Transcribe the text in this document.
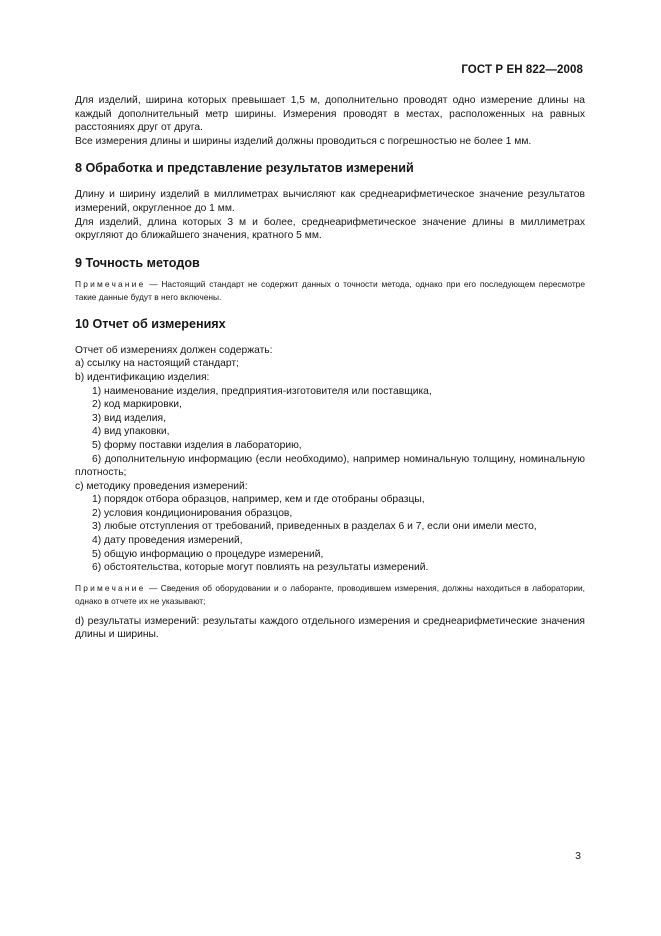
ГОСТ Р ЕН 822—2008

Для изделий, ширина которых превышает 1,5 м, дополнительно проводят одно измерение длины на каждый дополнительный метр ширины. Измерения проводят в местах, расположенных на равных расстояниях друг от друга.

Все измерения длины и ширины изделий должны проводиться с погрешностью не более 1 мм.

8 Обработка и представление результатов измерений

Длину и ширину изделий в миллиметрах вычисляют как среднеарифметическое значение результатов измерений, округленное до 1 мм.

Для изделий, длина которых 3 м и более, среднеарифметическое значение длины в миллиметрах округляют до ближайшего значения, кратного 5 мм.

9 Точность методов

Примечание — Настоящий стандарт не содержит данных о точности метода, однако при его последующем пересмотре такие данные будут в него включены.

10 Отчет об измерениях

Отчет об измерениях должен содержать:

a) ссылку на настоящий стандарт;

b) идентификацию изделия:

1) наименование изделия, предприятия-изготовителя или поставщика,

2) код маркировки,

3) вид изделия,

4) вид упаковки,

5) форму поставки изделия в лабораторию,

6) дополнительную информацию (если необходимо), например номинальную толщину, номинальную плотность;

c) методику проведения измерений:

1) порядок отбора образцов, например, кем и где отобраны образцы,

2) условия кондиционирования образцов,

3) любые отступления от требований, приведенных в разделах 6 и 7, если они имели место,

4) дату проведения измерений,

5) общую информацию о процедуре измерений,

6) обстоятельства, которые могут повлиять на результаты измерений.

Примечание — Сведения об оборудовании и о лаборанте, проводившем измерения, должны находиться в лаборатории, однако в отчете их не указывают;

d) результаты измерений: результаты каждого отдельного измерения и среднеарифметические значения длины и ширины.

3
